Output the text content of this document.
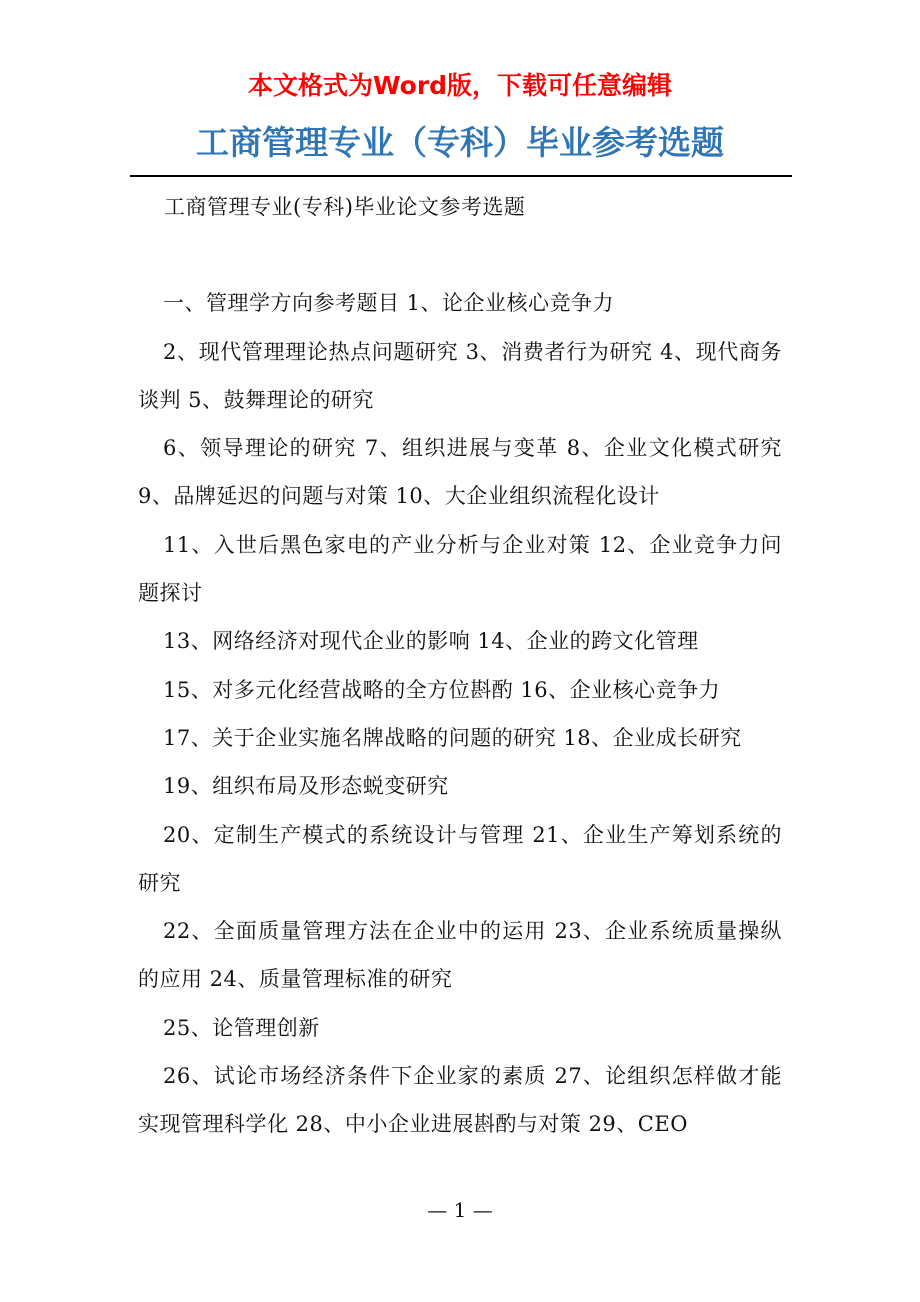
本文格式为Word版，下载可任意编辑
工商管理专业（专科）毕业参考选题

工商管理专业(专科)毕业论文参考选题

一、管理学方向参考题目 1、论企业核心竞争力

2、现代管理理论热点问题研究 3、消费者行为研究 4、现代商务谈判 5、鼓舞理论的研究

6、领导理论的研究 7、组织进展与变革 8、企业文化模式研究 9、品牌延迟的问题与对策 10、大企业组织流程化设计

11、入世后黑色家电的产业分析与企业对策 12、企业竞争力问题探讨

13、网络经济对现代企业的影响 14、企业的跨文化管理

15、对多元化经营战略的全方位斟酌 16、企业核心竞争力

17、关于企业实施名牌战略的问题的研究 18、企业成长研究

19、组织布局及形态蜕变研究

20、定制生产模式的系统设计与管理 21、企业生产筹划系统的研究

22、全面质量管理方法在企业中的运用 23、企业系统质量操纵的应用 24、质量管理标准的研究

25、论管理创新

26、试论市场经济条件下企业家的素质 27、论组织怎样做才能实现管理科学化 28、中小企业进展斟酌与对策 29、CEO

— 1 —
